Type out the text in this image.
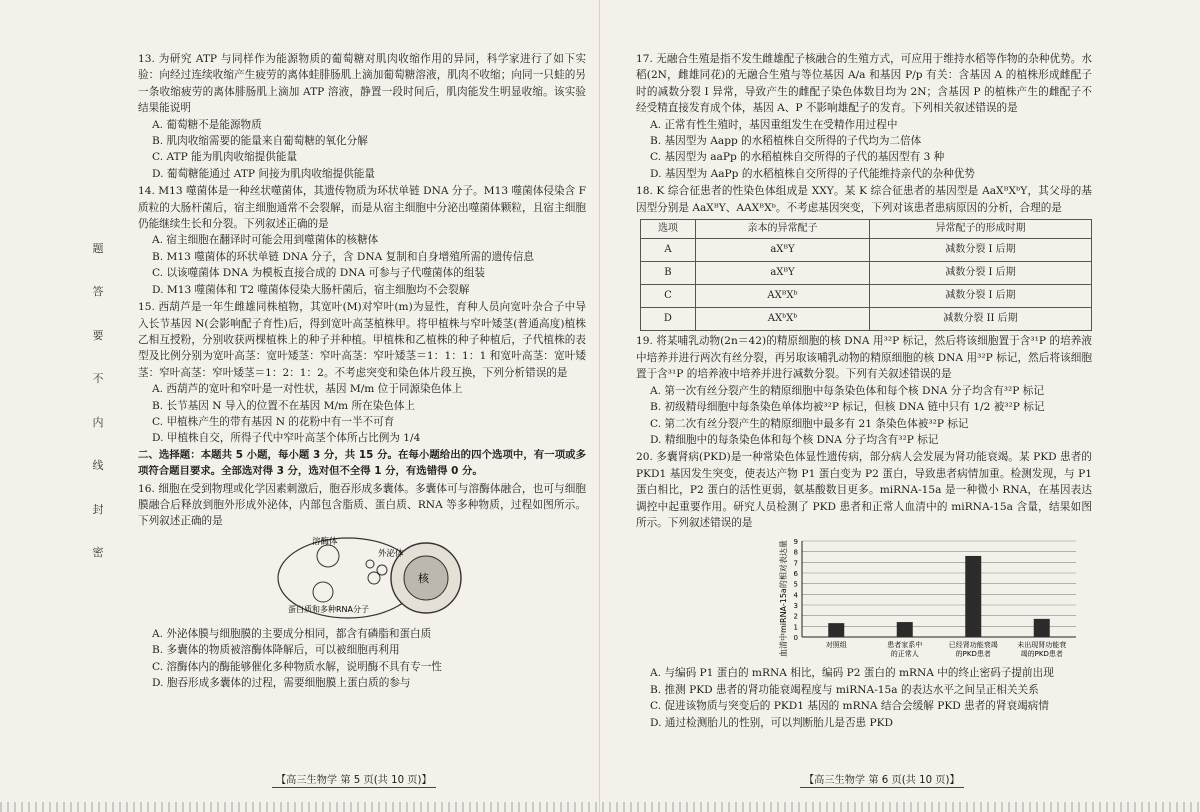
题
答
要
不
内
线
封
密

13. 为研究 ATP 与同样作为能源物质的葡萄糖对肌肉收缩作用的异同，科学家进行了如下实验：向经过连续收缩产生疲劳的离体蛙腓肠肌上滴加葡萄糖溶液，肌肉不收缩；向同一只蛙的另一条收缩疲劳的离体腓肠肌上滴加 ATP 溶液，静置一段时间后，肌肉能发生明显收缩。该实验结果能说明

A. 葡萄糖不是能源物质

B. 肌肉收缩需要的能量来自葡萄糖的氧化分解

C. ATP 能为肌肉收缩提供能量

D. 葡萄糖能通过 ATP 间接为肌肉收缩提供能量

14. M13 噬菌体是一种丝状噬菌体，其遗传物质为环状单链 DNA 分子。M13 噬菌体侵染含 F 质粒的大肠杆菌后，宿主细胞通常不会裂解，而是从宿主细胞中分泌出噬菌体颗粒，且宿主细胞仍能继续生长和分裂。下列叙述正确的是

A. 宿主细胞在翻译时可能会用到噬菌体的核糖体

B. M13 噬菌体的环状单链 DNA 分子，含 DNA 复制和自身增殖所需的遗传信息

C. 以该噬菌体 DNA 为模板直接合成的 DNA 可参与子代噬菌体的组装

D. M13 噬菌体和 T2 噬菌体侵染大肠杆菌后，宿主细胞均不会裂解

15. 西葫芦是一年生雌雄同株植物，其宽叶(M)对窄叶(m)为显性，育种人员向宽叶杂合子中导入长节基因 N(会影响配子育性)后，得到宽叶高茎植株甲。将甲植株与窄叶矮茎(普通高度)植株乙相互授粉，分别收获两棵植株上的种子并种植。甲植株和乙植株的种子种植后，子代植株的表型及比例分别为宽叶高茎：宽叶矮茎：窄叶高茎：窄叶矮茎＝1：1：1：1 和宽叶高茎：宽叶矮茎：窄叶高茎：窄叶矮茎＝1：2：1：2。不考虑突变和染色体片段互换，下列分析错误的是

A. 西葫芦的宽叶和窄叶是一对性状，基因 M/m 位于同源染色体上

B. 长节基因 N 导入的位置不在基因 M/m 所在染色体上

C. 甲植株产生的带有基因 N 的花粉中有一半不可育

D. 甲植株自交，所得子代中窄叶高茎个体所占比例为 1/4

二、选择题：本题共 5 小题，每小题 3 分，共 15 分。在每小题给出的四个选项中，有一项或多项符合题目要求。全部选对得 3 分，选对但不全得 1 分，有选错得 0 分。

16. 细胞在受到物理或化学因素刺激后，胞吞形成多囊体。多囊体可与溶酶体融合，也可与细胞膜融合后释放到胞外形成外泌体，内部包含脂质、蛋白质、RNA 等多种物质，过程如图所示。下列叙述正确的是

核
溶酶体
外泌体
蛋白质和多种RNA分子

A. 外泌体膜与细胞膜的主要成分相同，都含有磷脂和蛋白质

B. 多囊体的物质被溶酶体降解后，可以被细胞再利用

C. 溶酶体内的酶能够催化多种物质水解，说明酶不具有专一性

D. 胞吞形成多囊体的过程，需要细胞膜上蛋白质的参与

【高三生物学 第 5 页(共 10 页)】

17. 无融合生殖是指不发生雌雄配子核融合的生殖方式，可应用于维持水稻等作物的杂种优势。水稻(2N，雌雄同花)的无融合生殖与等位基因 A/a 和基因 P/p 有关：含基因 A 的植株形成雌配子时的减数分裂 I 异常，导致产生的雌配子染色体数目均为 2N；含基因 P 的植株产生的雌配子不经受精直接发育成个体，基因 A、P 不影响雄配子的发育。下列相关叙述错误的是

A. 正常有性生殖时，基因重组发生在受精作用过程中

B. 基因型为 Aapp 的水稻植株自交所得的子代均为二倍体

C. 基因型为 aaPp 的水稻植株自交所得的子代的基因型有 3 种

D. 基因型为 AaPp 的水稻植株自交所得的子代能维持亲代的杂种优势

18. K 综合征患者的性染色体组成是 XXY。某 K 综合征患者的基因型是 AaXᴮXᵇY，其父母的基因型分别是 AaXᴮY、AAXᴮXᵇ。不考虑基因突变，下列对该患者患病原因的分析，合理的是

选项	亲本的异常配子	异常配子的形成时期
A	aXᴮY	减数分裂 I 后期
B	aXᴮY	减数分裂 I 后期
C	AXᴮXᵇ	减数分裂 I 后期
D	AXᵇXᵇ	减数分裂 II 后期

19. 将某哺乳动物(2n＝42)的精原细胞的核 DNA 用³²P 标记，然后将该细胞置于含³¹P 的培养液中培养并进行两次有丝分裂，再另取该哺乳动物的精原细胞的核 DNA 用³²P 标记，然后将该细胞置于含³¹P 的培养液中培养并进行减数分裂。下列有关叙述错误的是

A. 第一次有丝分裂产生的精原细胞中每条染色体和每个核 DNA 分子均含有³²P 标记

B. 初级精母细胞中每条染色单体均被³²P 标记，但核 DNA 链中只有 1/2 被³²P 标记

C. 第二次有丝分裂产生的精原细胞中最多有 21 条染色体被³²P 标记

D. 精细胞中的每条染色体和每个核 DNA 分子均含有³²P 标记

20. 多囊肾病(PKD)是一种常染色体显性遗传病，部分病人会发展为肾功能衰竭。某 PKD 患者的 PKD1 基因发生突变，使表达产物 P1 蛋白变为 P2 蛋白，导致患者病情加重。检测发现，与 P1 蛋白相比，P2 蛋白的活性更弱，氨基酸数目更多。miRNA-15a 是一种微小 RNA，在基因表达调控中起重要作用。研究人员检测了 PKD 患者和正常人血清中的 miRNA-15a 含量，结果如图所示。下列叙述错误的是

血清中miRNA-15a的相对表达量 0
1
2
3
4
5
6
7
8
9
对照组	患者家系中的正常人
已经肾功能衰竭的PKD患者
未出现肾功能衰竭的PKD患者

A. 与编码 P1 蛋白的 mRNA 相比，编码 P2 蛋白的 mRNA 中的终止密码子提前出现

B. 推测 PKD 患者的肾功能衰竭程度与 miRNA-15a 的表达水平之间呈正相关关系

C. 促进该物质与突变后的 PKD1 基因的 mRNA 结合会缓解 PKD 患者的肾衰竭病情

D. 通过检测胎儿的性别，可以判断胎儿是否患 PKD

【高三生物学 第 6 页(共 10 页)】
